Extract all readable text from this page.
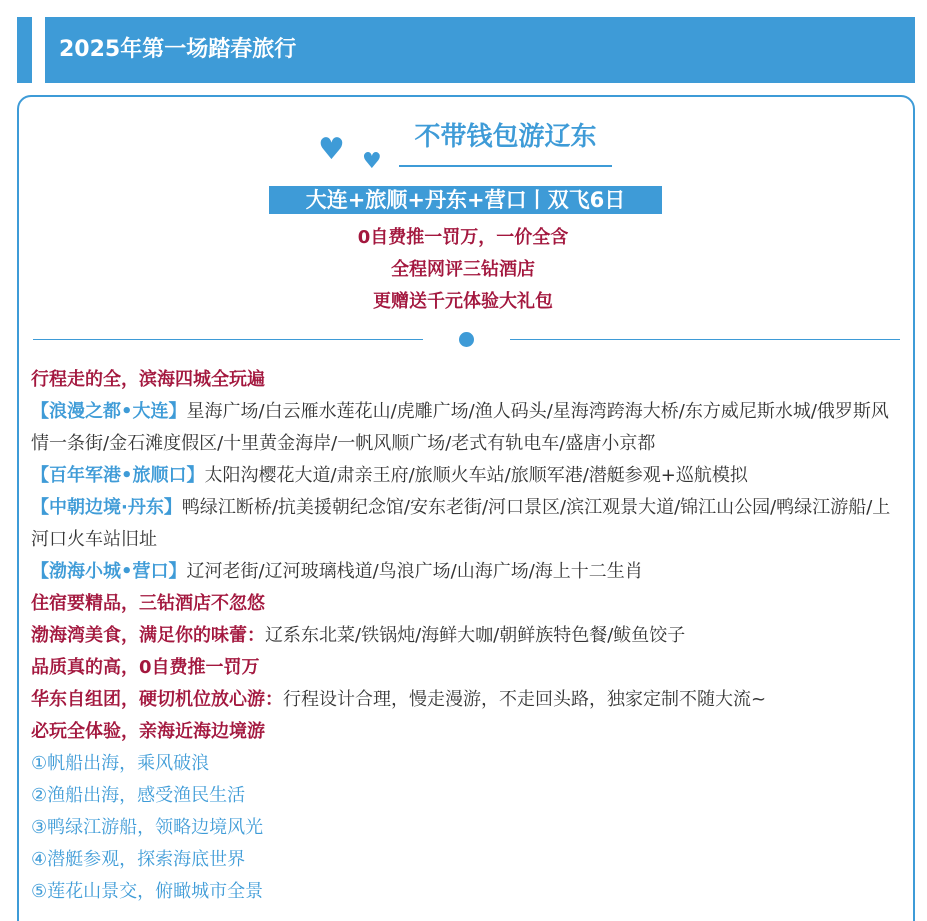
2025年第一场踏春旅行
♥ ♥
不带钱包游辽东
大连+旅顺+丹东+营口丨双飞6日
0自费推一罚万，一价全含
全程网评三钻酒店
更赠送千元体验大礼包

行程走的全，滨海四城全玩遍

【浪漫之都•大连】星海广场/白云雁水莲花山/虎雕广场/渔人码头/星海湾跨海大桥/东方威尼斯水城/俄罗斯风情一条街/金石滩度假区/十里黄金海岸/一帆风顺广场/老式有轨电车/盛唐小京都

【百年军港•旅顺口】太阳沟樱花大道/肃亲王府/旅顺火车站/旅顺军港/潜艇参观+巡航模拟

【中朝边境·丹东】鸭绿江断桥/抗美援朝纪念馆/安东老街/河口景区/滨江观景大道/锦江山公园/鸭绿江游船/上河口火车站旧址

【渤海小城•营口】辽河老街/辽河玻璃栈道/鸟浪广场/山海广场/海上十二生肖

住宿要精品，三钻酒店不忽悠

渤海湾美食，满足你的味蕾：辽系东北菜/铁锅炖/海鲜大咖/朝鲜族特色餐/鲅鱼饺子

品质真的高，0自费推一罚万

华东自组团，硬切机位放心游：行程设计合理，慢走漫游，不走回头路，独家定制不随大流~

必玩全体验，亲海近海边境游

①帆船出海，乘风破浪

②渔船出海，感受渔民生活

③鸭绿江游船，领略边境风光

④潜艇参观，探索海底世界

⑤莲花山景交，俯瞰城市全景
